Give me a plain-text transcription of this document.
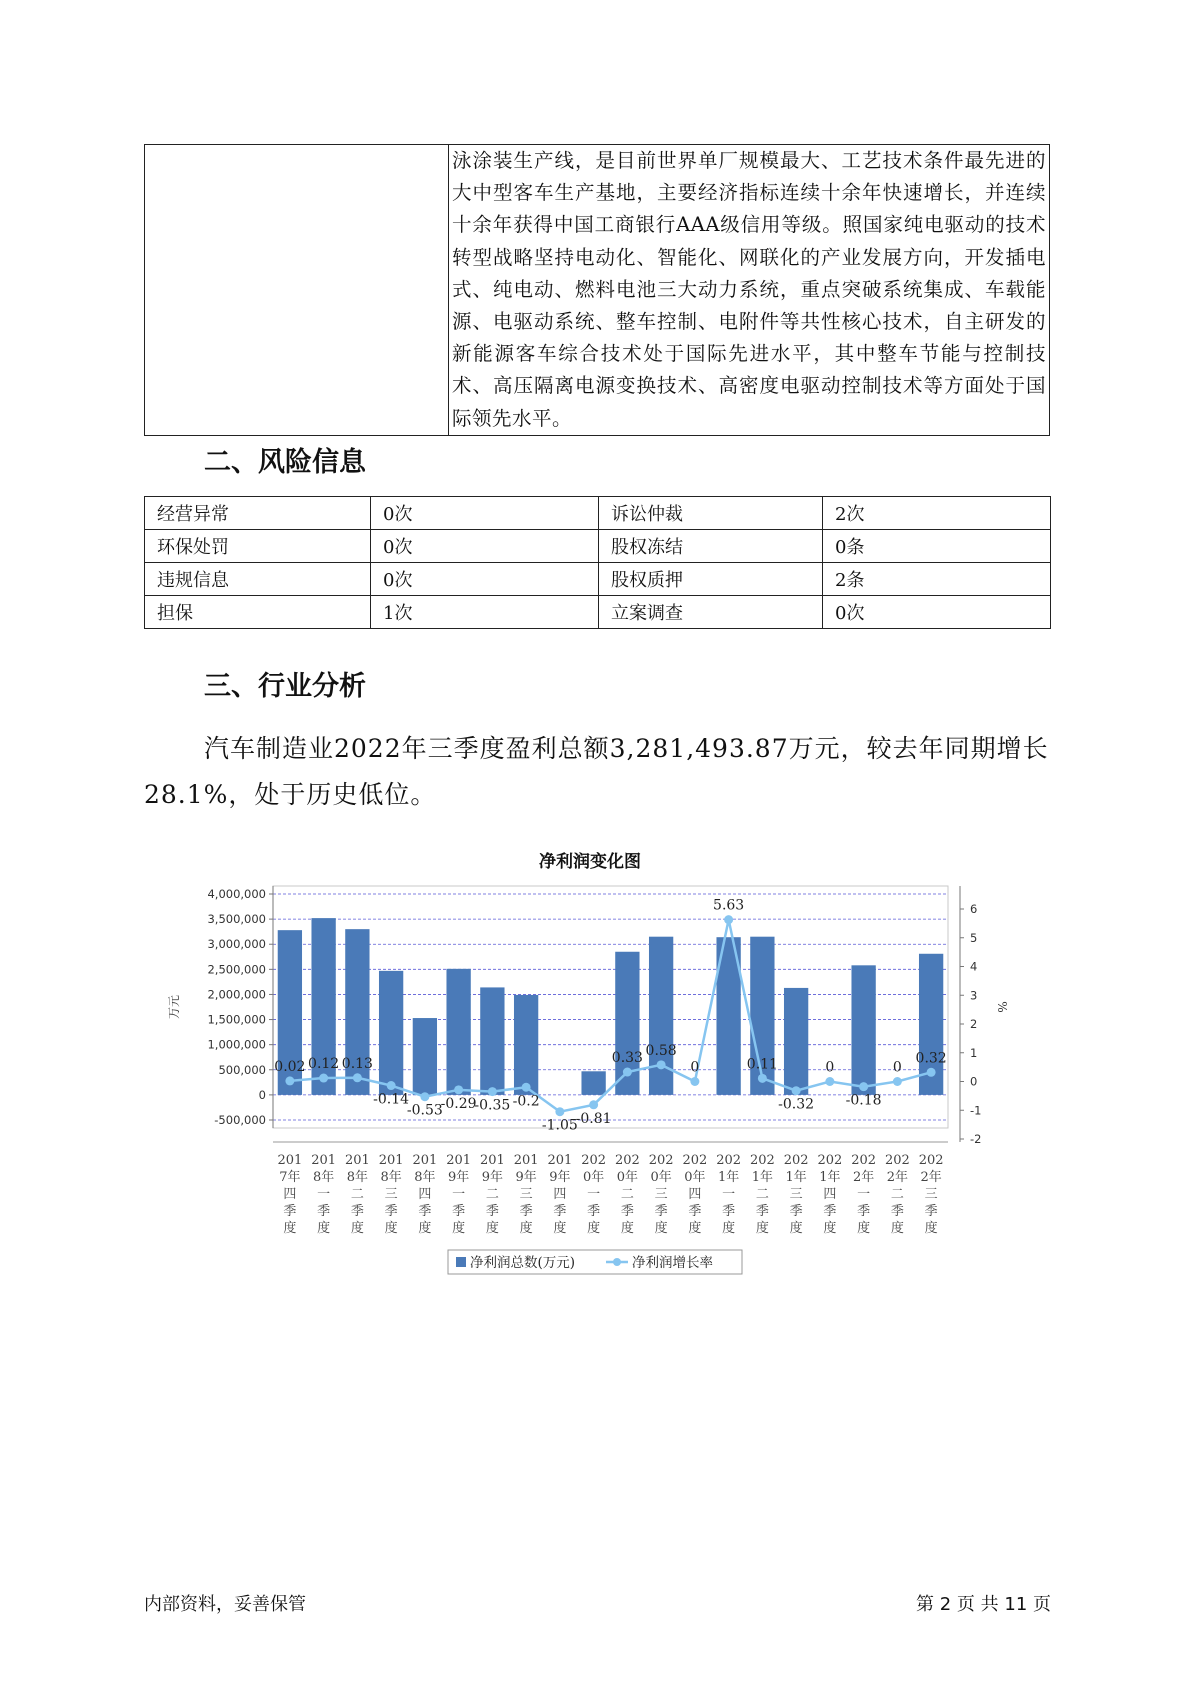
泳涂装生产线，是目前世界单厂规模最大、工艺技术条件最先进的大中型客车生产基地，主要经济指标连续十余年快速增长，并连续十余年获得中国工商银行AAA级信用等级。照国家纯电驱动的技术转型战略坚持电动化、智能化、网联化的产业发展方向，开发插电式、纯电动、燃料电池三大动力系统，重点突破系统集成、车载能源、电驱动系统、整车控制、电附件等共性核心技术，自主研发的新能源客车综合技术处于国际先进水平，其中整车节能与控制技术、高压隔离电源变换技术、高密度电驱动控制技术等方面处于国际领先水平。
二、风险信息
经营异常	0次	诉讼仲裁	2次
环保处罚	0次	股权冻结	0条
违规信息	0次	股权质押	2条
担保	1次	立案调查	0次
三、行业分析

汽车制造业2022年三季度盈利总额3,281,493.87万元，较去年同期增长28.1%，处于历史低位。

净利润变化图
-500,000
0
500,000
1,000,000
1,500,000
2,000,000
2,500,000
3,000,000
3,500,000
4,000,000
万元
-2
-1
0
1
2
3
4
5
6
%
0.02 0.12 0.13
-0.14
-0.53
-0.29
-0.35 -0.2
-1.05
-0.81
0.33 0.58
0
5.63
0.11
-0.32
0
-0.18
0
0.32
201
7年
四
季
度
201
8年
一
季
度
201
8年
二
季
度
201
8年
三
季
度
201
8年
四
季
度
201
9年
一
季
度
201
9年
二
季
度
201
9年
三
季
度
201
9年
四
季
度
202
0年
一
季
度
202
0年
二
季
度
202
0年
三
季
度
202
0年
四
季
度
202
1年
一
季
度
202
1年
二
季
度
202
1年
三
季
度
202
1年
四
季
度
202
2年
一
季
度
202
2年
二
季
度
202
2年
三
季
度
净利润总数(万元)	净利润增长率
内部资料，妥善保管	第 2 页 共 11 页
